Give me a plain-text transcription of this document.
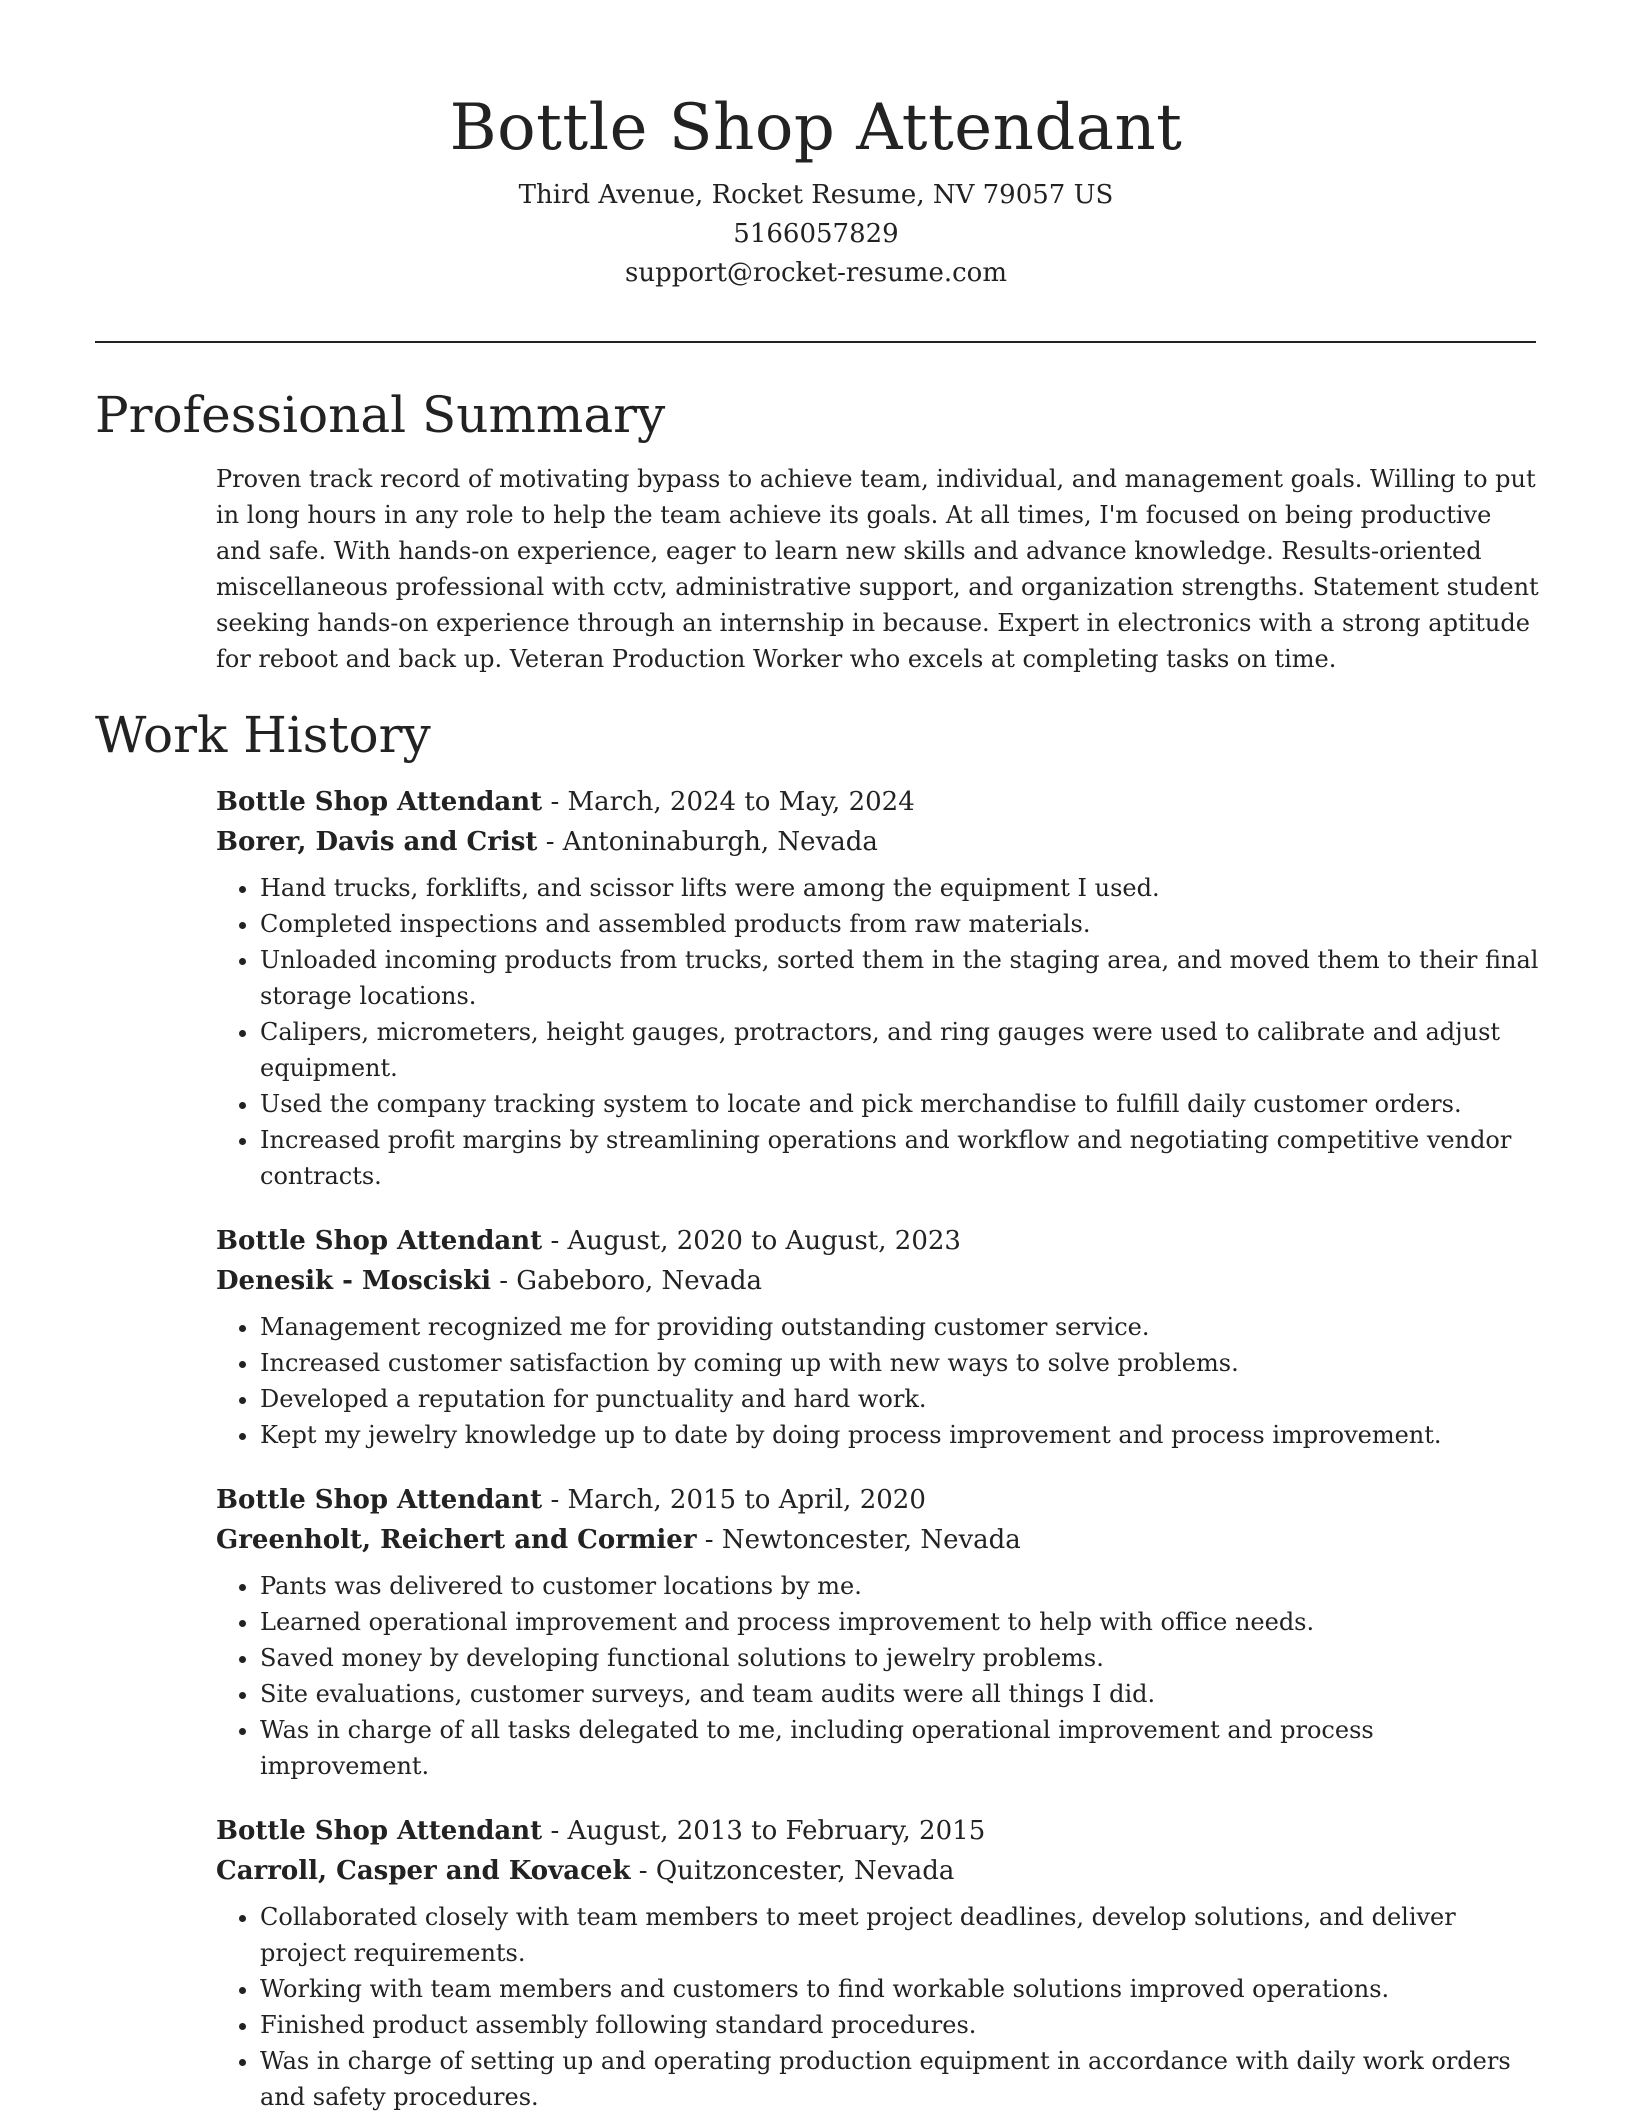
Bottle Shop Attendant
Third Avenue, Rocket Resume, NV 79057 US
5166057829
support@rocket-resume.com
Professional Summary

Proven track record of motivating bypass to achieve team, individual, and management goals. Willing to put in long hours in any role to help the team achieve its goals. At all times, I'm focused on being productive and safe. With hands-on experience, eager to learn new skills and advance knowledge. Results-oriented miscellaneous professional with cctv, administrative support, and organization strengths. Statement student seeking hands-on experience through an internship in because. Expert in electronics with a strong aptitude for reboot and back up. Veteran Production Worker who excels at completing tasks on time.

Work History
Bottle Shop Attendant - March, 2024 to May, 2024
Borer, Davis and Crist - Antoninaburgh, Nevada
• Hand trucks, forklifts, and scissor lifts were among the equipment I used.
• Completed inspections and assembled products from raw materials.
• Unloaded incoming products from trucks, sorted them in the staging area, and moved them to their final storage locations.
• Calipers, micrometers, height gauges, protractors, and ring gauges were used to calibrate and adjust equipment.
• Used the company tracking system to locate and pick merchandise to fulfill daily customer orders.
• Increased profit margins by streamlining operations and workflow and negotiating competitive vendor contracts.
Bottle Shop Attendant - August, 2020 to August, 2023
Denesik - Mosciski - Gabeboro, Nevada
• Management recognized me for providing outstanding customer service.
• Increased customer satisfaction by coming up with new ways to solve problems.
• Developed a reputation for punctuality and hard work.
• Kept my jewelry knowledge up to date by doing process improvement and process improvement.
Bottle Shop Attendant - March, 2015 to April, 2020
Greenholt, Reichert and Cormier - Newtoncester, Nevada
• Pants was delivered to customer locations by me.
• Learned operational improvement and process improvement to help with office needs.
• Saved money by developing functional solutions to jewelry problems.
• Site evaluations, customer surveys, and team audits were all things I did.
• Was in charge of all tasks delegated to me, including operational improvement and process improvement.
Bottle Shop Attendant - August, 2013 to February, 2015
Carroll, Casper and Kovacek - Quitzoncester, Nevada
• Collaborated closely with team members to meet project deadlines, develop solutions, and deliver project requirements.
• Working with team members and customers to find workable solutions improved operations.
• Finished product assembly following standard procedures.
• Was in charge of setting up and operating production equipment in accordance with daily work orders and safety procedures.
